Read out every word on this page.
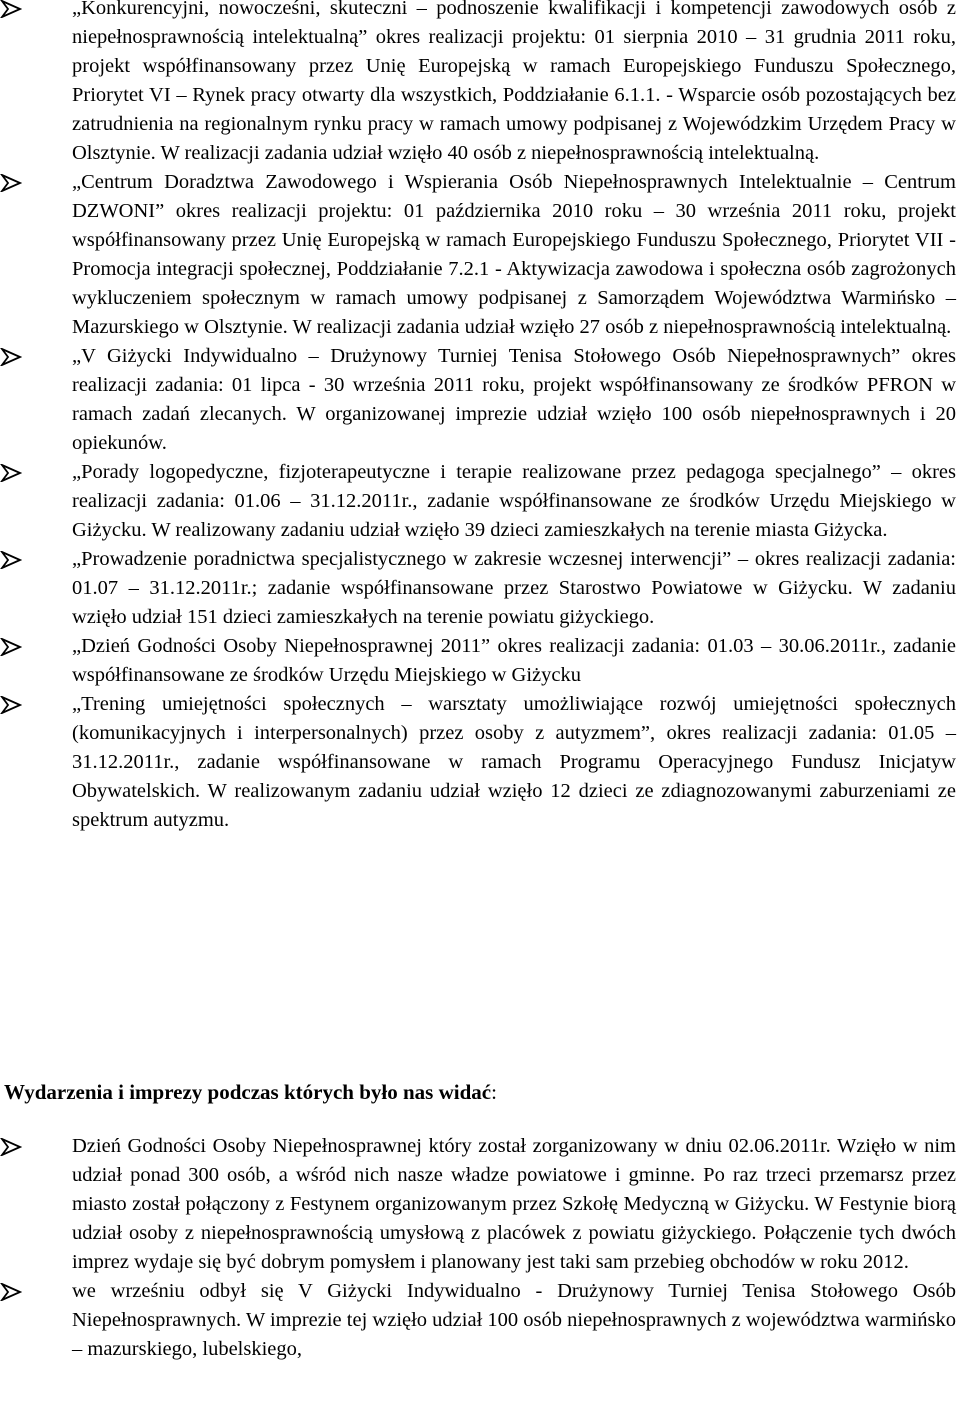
„Konkurencyjni, nowocześni, skuteczni – podnoszenie kwalifikacji i kompetencji zawodowych osób z niepełnosprawnością intelektualną” okres realizacji projektu: 01 sierpnia 2010 – 31 grudnia 2011 roku, projekt współfinansowany przez Unię Europejską w ramach Europejskiego Funduszu Społecznego, Priorytet VI – Rynek pracy otwarty dla wszystkich, Poddziałanie 6.1.1. - Wsparcie osób pozostających bez zatrudnienia na regionalnym rynku pracy w ramach umowy podpisanej z Wojewódzkim Urzędem Pracy w Olsztynie. W realizacji zadania udział wzięło 40 osób z niepełnosprawnością intelektualną.
„Centrum Doradztwa Zawodowego i Wspierania Osób Niepełnosprawnych Intelektualnie – Centrum DZWONI” okres realizacji projektu: 01 października 2010 roku – 30 września 2011 roku, projekt współfinansowany przez Unię Europejską w ramach Europejskiego Funduszu Społecznego, Priorytet VII - Promocja integracji społecznej, Poddziałanie 7.2.1 - Aktywizacja zawodowa i społeczna osób zagrożonych wykluczeniem społecznym w ramach umowy podpisanej z Samorządem Województwa Warmińsko – Mazurskiego w Olsztynie. W realizacji zadania udział wzięło 27 osób z niepełnosprawnością intelektualną.
„V Giżycki Indywidualno – Drużynowy Turniej Tenisa Stołowego Osób Niepełnosprawnych” okres realizacji zadania: 01 lipca - 30 września 2011 roku, projekt współfinansowany ze środków PFRON w ramach zadań zlecanych. W organizowanej imprezie udział wzięło 100 osób niepełnosprawnych i 20 opiekunów.
„Porady logopedyczne, fizjoterapeutyczne i terapie realizowane przez pedagoga specjalnego” – okres realizacji zadania: 01.06 – 31.12.2011r., zadanie współfinansowane ze środków Urzędu Miejskiego w Giżycku. W realizowany zadaniu udział wzięło 39 dzieci zamieszkałych na terenie miasta Giżycka.
„Prowadzenie poradnictwa specjalistycznego w zakresie wczesnej interwencji” – okres realizacji zadania: 01.07 – 31.12.2011r.; zadanie współfinansowane przez Starostwo Powiatowe w Giżycku. W zadaniu wzięło udział 151 dzieci zamieszkałych na terenie powiatu giżyckiego.
„Dzień Godności Osoby Niepełnosprawnej 2011” okres realizacji zadania: 01.03 – 30.06.2011r., zadanie współfinansowane ze środków Urzędu Miejskiego w Giżycku
„Trening umiejętności społecznych – warsztaty umożliwiające rozwój umiejętności społecznych (komunikacyjnych i interpersonalnych) przez osoby z autyzmem”, okres realizacji zadania: 01.05 – 31.12.2011r., zadanie współfinansowane w ramach Programu Operacyjnego Fundusz Inicjatyw Obywatelskich. W realizowanym zadaniu udział wzięło 12 dzieci ze zdiagnozowanymi zaburzeniami ze spektrum autyzmu.
Wydarzenia i imprezy podczas których było nas widać:
Dzień Godności Osoby Niepełnosprawnej który został zorganizowany w dniu 02.06.2011r. Wzięło w nim udział ponad 300 osób, a wśród nich nasze władze powiatowe i gminne. Po raz trzeci przemarsz przez miasto został połączony z Festynem organizowanym przez Szkołę Medyczną w Giżycku. W Festynie biorą udział osoby z niepełnosprawnością umysłową z placówek z powiatu giżyckiego. Połączenie tych dwóch imprez wydaje się być dobrym pomysłem i planowany jest taki sam przebieg obchodów w roku 2012.
we wrześniu odbył się V Giżycki Indywidualno - Drużynowy Turniej Tenisa Stołowego Osób Niepełnosprawnych. W imprezie tej wzięło udział 100 osób niepełnosprawnych z województwa warmińsko – mazurskiego, lubelskiego,
